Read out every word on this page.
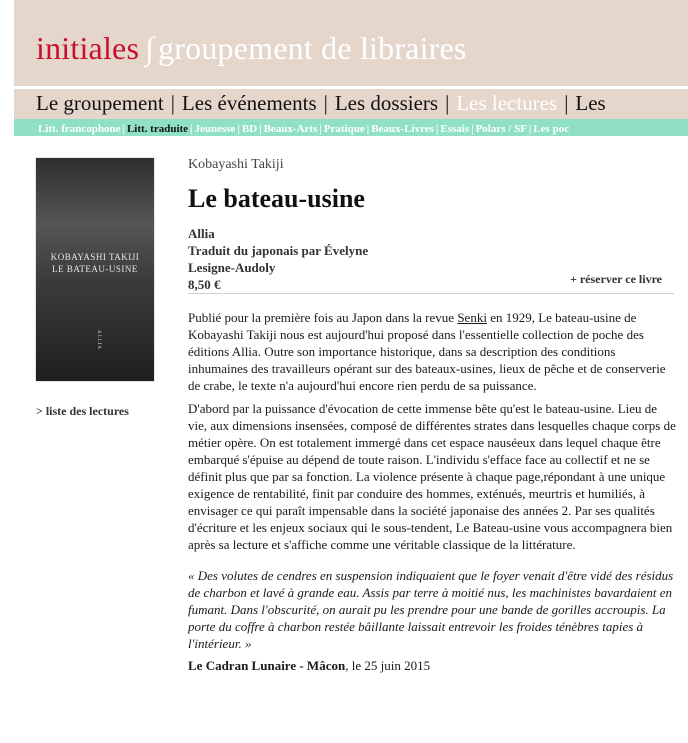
initiales ∫ groupement de libraires
Le groupement | Les événements | Les dossiers | Les lectures | Les
Litt. francophone | Litt. traduite | Jeunesse | BD | Beaux-Arts | Pratique | Beaux-Livres | Essais | Polars / SF | Les poc
KOBAYASHI TAKIJI
LE BATEAU-USINE
ALLIA
> liste des lectures
Kobayashi Takiji
Le bateau-usine
Allia
Traduit du japonais par Évelyne
Lesigne-Audoly
8,50 €	+ réserver ce livre
Publié pour la première fois au Japon dans la revue Senki en 1929, Le bateau-usine de Kobayashi Takiji nous est aujourd'hui proposé dans l'essentielle collection de poche des éditions Allia. Outre son importance historique, dans sa description des conditions inhumaines des travailleurs opérant sur des bateaux-usines, lieux de pêche et de conserverie de crabe, le texte n'a aujourd'hui encore rien perdu de sa puissance.
D'abord par la puissance d'évocation de cette immense bête qu'est le bateau-usine. Lieu de vie, aux dimensions insensées, composé de différentes strates dans lesquelles chaque corps de métier opère. On est totalement immergé dans cet espace nauséeux dans lequel chaque être embarqué s'épuise au dépend de toute raison. L'individu s'efface face au collectif et ne se définit plus que par sa fonction. La violence présente à chaque page,répondant à une unique exigence de rentabilité, finit par conduire des hommes, exténués, meurtris et humiliés, à envisager ce qui paraît impensable dans la société japonaise des années 2. Par ses qualités d'écriture et les enjeux sociaux qui le sous-tendent, Le Bateau-usine vous accompagnera bien après sa lecture et s'affiche comme une véritable classique de la littérature.
« Des volutes de cendres en suspension indiquaient que le foyer venait d'être vidé des résidus de charbon et lavé à grande eau. Assis par terre à moitié nus, les machinistes bavardaient en fumant. Dans l'obscurité, on aurait pu les prendre pour une bande de gorilles accroupis. La porte du coffre à charbon restée bâillante laissait entrevoir les froides ténèbres tapies à l'intérieur. »
Le Cadran Lunaire - Mâcon, le 25 juin 2015
